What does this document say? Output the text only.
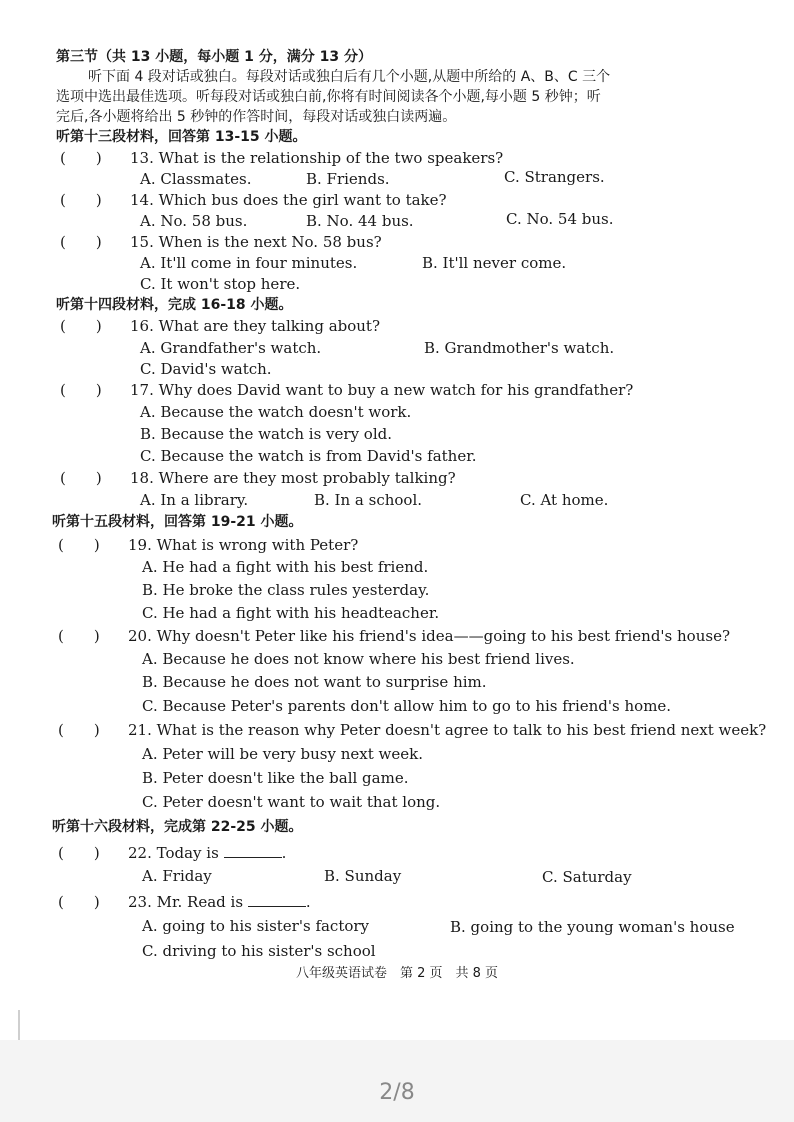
第三节（共 13 小题，每小题 1 分，满分 13 分）
听下面 4 段对话或独白。每段对话或独白后有几个小题,从题中所给的 A、B、C 三个
选项中选出最佳选项。听每段对话或独白前,你将有时间阅读各个小题,每小题 5 秒钟；听
完后,各小题将给出 5 秒钟的作答时间，每段对话或独白读两遍。
听第十三段材料，回答第 13-15 小题。
(　　) 13. What is the relationship of the two speakers?
A. Classmates.	B. Friends.	C. Strangers.
(　　) 14. Which bus does the girl want to take?
A. No. 58 bus.	B. No. 44 bus.	C. No. 54 bus.
(　　) 15. When is the next No. 58 bus?
A. It'll come in four minutes.	B. It'll never come.
C. It won't stop here.
听第十四段材料，完成 16-18 小题。
(　　) 16. What are they talking about?
A. Grandfather's watch.	B. Grandmother's watch.
C. David's watch.
(　　) 17. Why does David want to buy a new watch for his grandfather?
A. Because the watch doesn't work.
B. Because the watch is very old.
C. Because the watch is from David's father.
(　　) 18. Where are they most probably talking?
A. In a library.	B. In a school.	C. At home.
听第十五段材料，回答第 19-21 小题。
(　　) 19. What is wrong with Peter?
A. He had a fight with his best friend.
B. He broke the class rules yesterday.
C. He had a fight with his headteacher.
(　　) 20. Why doesn't Peter like his friend's idea——going to his best friend's house?
A. Because he does not know where his best friend lives.
B. Because he does not want to surprise him.
C. Because Peter's parents don't allow him to go to his friend's home.
(　　) 21. What is the reason why Peter doesn't agree to talk to his best friend next week?
A. Peter will be very busy next week.
B. Peter doesn't like the ball game.
C. Peter doesn't want to wait that long.
听第十六段材料，完成第 22-25 小题。
(　　) 22. Today is	.
A. Friday	B. Sunday	C. Saturday
(　　) 23. Mr. Read is	.
A. going to his sister's factory	B. going to the young woman's house
C. driving to his sister's school
八年级英语试卷　第 2 页　共 8 页
2/8
